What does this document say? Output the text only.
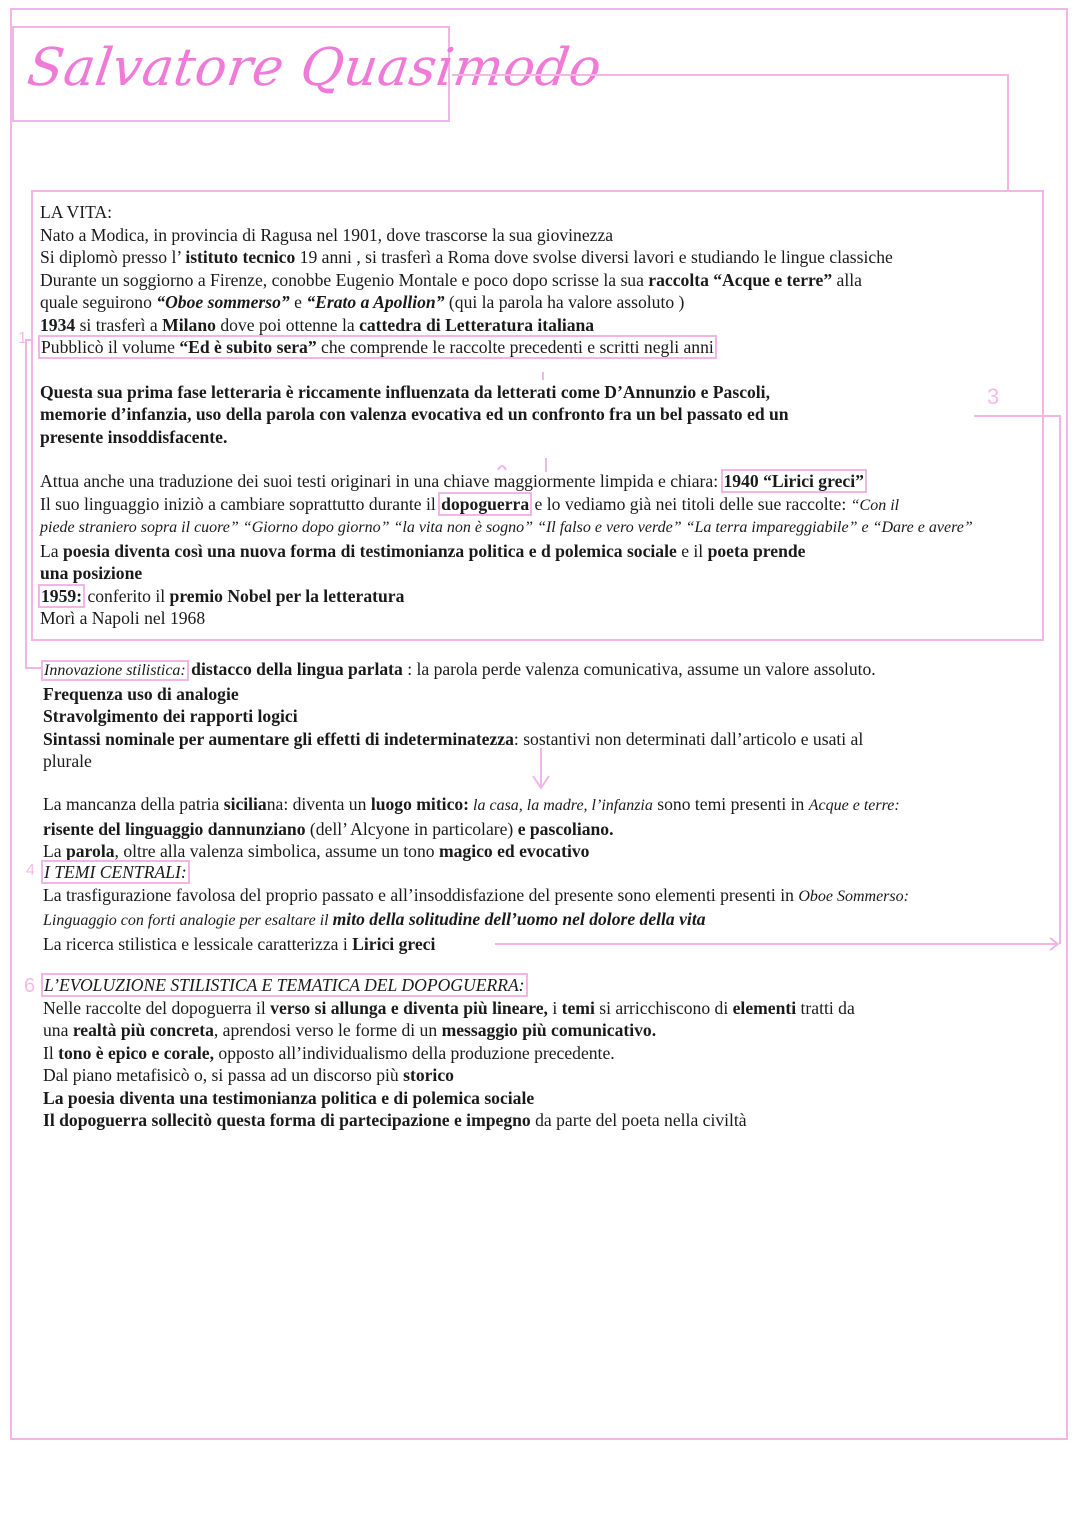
Salvatore Quasimodo
1
3
4
6
LA VITA:
Nato a Modica, in provincia di Ragusa nel 1901, dove trascorse la sua giovinezza
Si diplomò presso l’ istituto tecnico 19 anni , si trasferì a Roma dove svolse diversi lavori e studiando le lingue classiche
Durante un soggiorno a Firenze, conobbe Eugenio Montale e poco dopo scrisse la sua raccolta “Acque e terre” alla
quale seguirono “Oboe sommerso” e “Erato a Apollion” (qui la parola ha valore assoluto )
1934 si trasferì a Milano dove poi ottenne la cattedra di Letteratura italiana
Pubblicò il volume “Ed è subito sera” che comprende le raccolte precedenti e scritti negli anni
Questa sua prima fase letteraria è riccamente influenzata da letterati come D’Annunzio e Pascoli,
memorie d’infanzia, uso della parola con valenza evocativa ed un confronto fra un bel passato ed un
presente insoddisfacente.
Attua anche una traduzione dei suoi testi originari in una chiave maggiormente limpida e chiara: 1940 “Lirici greci”
Il suo linguaggio iniziò a cambiare soprattutto durante il dopoguerra e lo vediamo già nei titoli delle sue raccolte: “Con il
piede straniero sopra il cuore” “Giorno dopo giorno” “la vita non è sogno” “Il falso e vero verde” “La terra impareggiabile” e “Dare e avere”
La poesia diventa così una nuova forma di testimonianza politica e d polemica sociale e il poeta prende
una posizione
1959: conferito il premio Nobel per la letteratura
Morì a Napoli nel 1968
Innovazione stilistica: distacco della lingua parlata : la parola perde valenza comunicativa, assume un valore assoluto.
Frequenza uso di analogie
Stravolgimento dei rapporti logici
Sintassi nominale per aumentare gli effetti di indeterminatezza: sostantivi non determinati dall’articolo e usati al
plurale
La mancanza della patria siciliana: diventa un luogo mitico: la casa, la madre, l’infanzia sono temi presenti in Acque e terre:
risente del linguaggio dannunziano (dell’ Alcyone in particolare) e pascoliano.
La parola, oltre alla valenza simbolica, assume un tono magico ed evocativo
I TEMI CENTRALI:
La trasfigurazione favolosa del proprio passato e all’insoddisfazione del presente sono elementi presenti in Oboe Sommerso:
Linguaggio con forti analogie per esaltare il mito della solitudine dell’uomo nel dolore della vita
La ricerca stilistica e lessicale caratterizza i Lirici greci
L’EVOLUZIONE STILISTICA E TEMATICA DEL DOPOGUERRA:
Nelle raccolte del dopoguerra il verso si allunga e diventa più lineare, i temi si arricchiscono di elementi tratti da
una realtà più concreta, aprendosi verso le forme di un messaggio più comunicativo.
Il tono è epico e corale, opposto all’individualismo della produzione precedente.
Dal piano metafisicò o, si passa ad un discorso più storico
La poesia diventa una testimonianza politica e di polemica sociale
Il dopoguerra sollecitò questa forma di partecipazione e impegno da parte del poeta nella civiltà
